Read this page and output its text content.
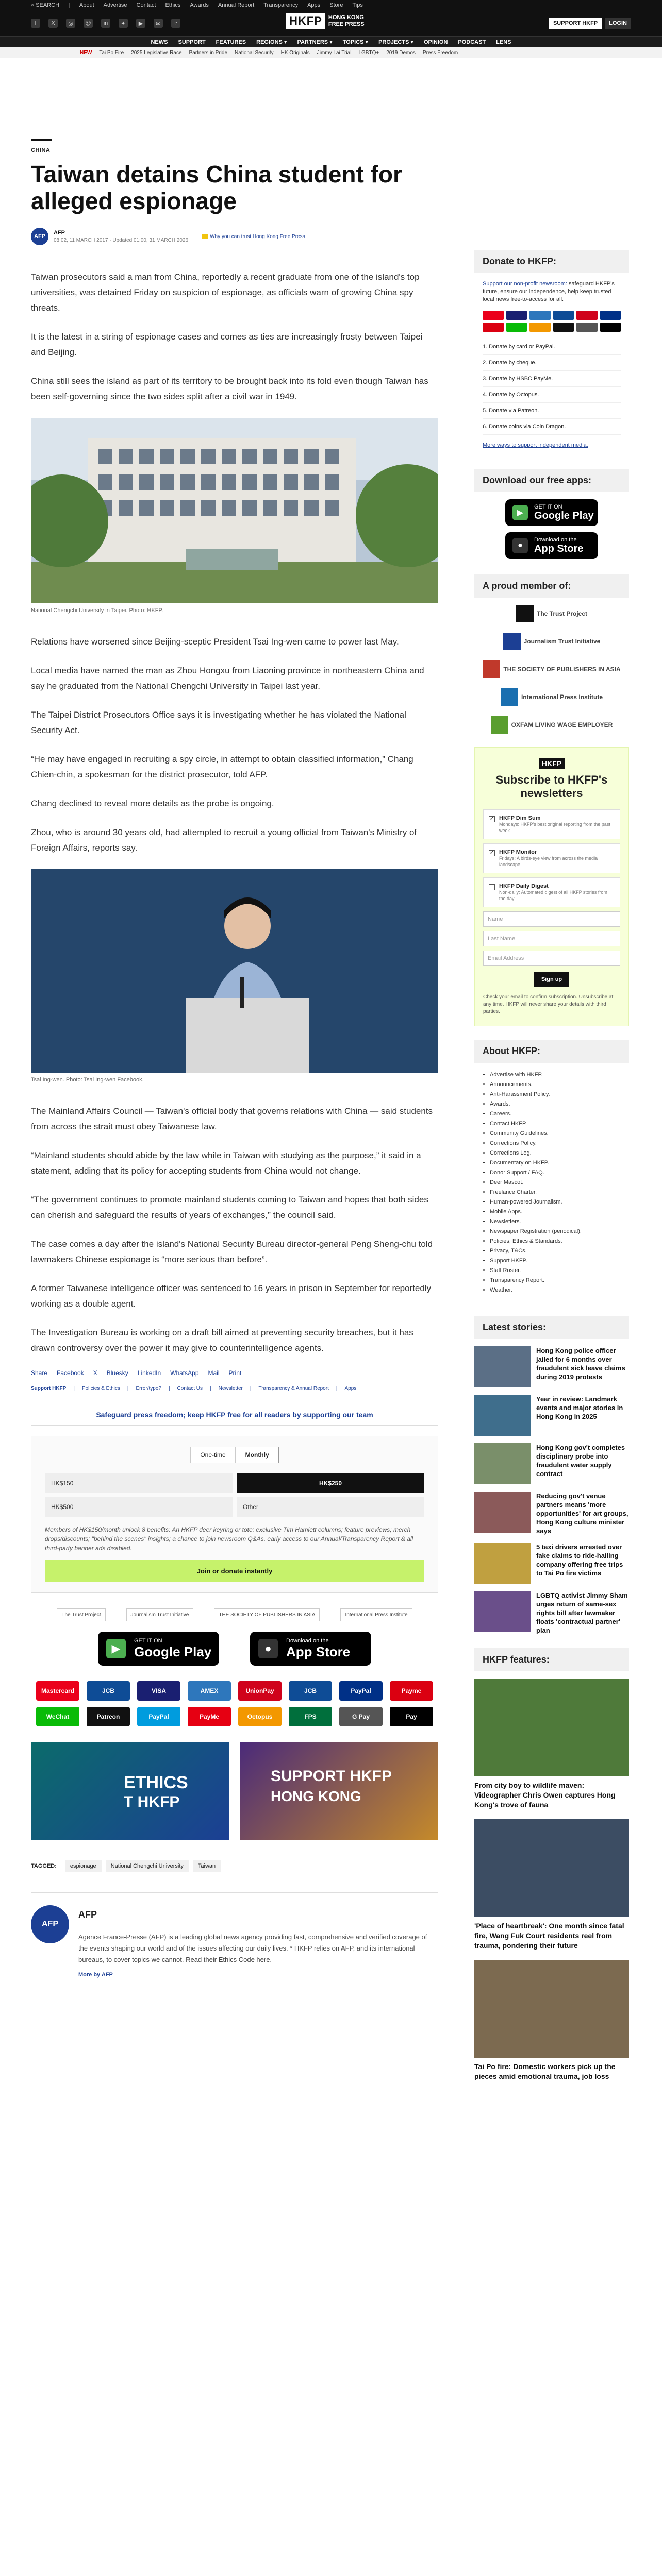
⌕ SEARCH | About Advertise Contact Ethics Awards Annual Report Transparency Apps Store Tips
f	X	◎	@	in	✦	▶	✉	◔	HKFP	HONG KONG FREE PRESS	SUPPORT HKFP	LOGIN
NEWS SUPPORT FEATURES REGIONS ▾ PARTNERS ▾ TOPICS ▾ PROJECTS ▾ OPINION PODCAST LENS
NEW Tai Po Fire 2025 Legislative Race Partners in Pride National Security HK Originals Jimmy Lai Trial LGBTQ+ 2019 Demos Press Freedom
CHINA
Taiwan detains China student for alleged espionage
AFP
AFP
08:02, 11 MARCH 2017 · Updated 01:00, 31 MARCH 2026
Why you can trust Hong Kong Free Press

Taiwan prosecutors said a man from China, reportedly a recent graduate from one of the island's top universities, was detained Friday on suspicion of espionage, as officials warn of growing China spy threats.

It is the latest in a string of espionage cases and comes as ties are increasingly frosty between Taipei and Beijing.

China still sees the island as part of its territory to be brought back into its fold even though Taiwan has been self-governing since the two sides split after a civil war in 1949.

National Chengchi University in Taipei. Photo: HKFP.

Relations have worsened since Beijing-sceptic President Tsai Ing-wen came to power last May.

Local media have named the man as Zhou Hongxu from Liaoning province in northeastern China and say he graduated from the National Chengchi University in Taipei last year.

The Taipei District Prosecutors Office says it is investigating whether he has violated the National Security Act.

“He may have engaged in recruiting a spy circle, in attempt to obtain classified information,” Chang Chien-chin, a spokesman for the district prosecutor, told AFP.

Chang declined to reveal more details as the probe is ongoing.

Zhou, who is around 30 years old, had attempted to recruit a young official from Taiwan's Ministry of Foreign Affairs, reports say.

Tsai Ing-wen. Photo: Tsai Ing-wen Facebook.

The Mainland Affairs Council — Taiwan's official body that governs relations with China — said students from across the strait must obey Taiwanese law.

“Mainland students should abide by the law while in Taiwan with studying as the purpose,” it said in a statement, adding that its policy for accepting students from China would not change.

“The government continues to promote mainland students coming to Taiwan and hopes that both sides can cherish and safeguard the results of years of exchanges,” the council said.

The case comes a day after the island's National Security Bureau director-general Peng Sheng-chu told lawmakers Chinese espionage is “more serious than before”.

A former Taiwanese intelligence officer was sentenced to 16 years in prison in September for reportedly working as a double agent.

The Investigation Bureau is working on a draft bill aimed at preventing security breaches, but it has drawn controversy over the power it may give to counterintelligence agents.

Share Facebook X Bluesky LinkedIn WhatsApp Mail Print
Support HKFP | Policies & Ethics | Error/typo? | Contact Us | Newsletter | Transparency & Annual Report | Apps
Safeguard press freedom; keep HKFP free for all readers by supporting our team
One-time	Monthly
HK$150	HK$250
HK$500	Other
Members of HK$150/month unlock 8 benefits: An HKFP deer keyring or tote; exclusive Tim Hamlett columns; feature previews; merch drops/discounts; "behind the scenes" insights; a chance to join newsroom Q&As, early access to our Annual/Transparency Report & all third-party banner ads disabled.
Join or donate instantly
The Trust Project	Journalism Trust Initiative	THE SOCIETY OF PUBLISHERS IN ASIA	International Press Institute
▶
GET IT ON
Google Play	●
Download on the
App Store
Mastercard	JCB	VISA	AMEX	UnionPay	JCB	PayPal	Payme
WeChat	Patreon	PayPal	PayMe	Octopus	FPS	G Pay	Pay
ETHICS
T HKFP
SUPPORT HKFP
HONG KONG
TAGGED:	espionage	National Chengchi University	Taiwan
AFP
AFP

Agence France-Presse (AFP) is a leading global news agency providing fast, comprehensive and verified coverage of the events shaping our world and of the issues affecting our daily lives. * HKFP relies on AFP, and its international bureaus, to cover topics we cannot. Read their Ethics Code here.

More by AFP
Donate to HKFP:
Support our non-profit newsroom: safeguard HKFP's future, ensure our independence, help keep trusted local news free-to-access for all.
1. Donate by card or PayPal.
2. Donate by cheque.
3. Donate by HSBC PayMe.
4. Donate by Octopus.
5. Donate via Patreon.
6. Donate coins via Coin Dragon.
More ways to support independent media.
Download our free apps:
▶
GET IT ON
Google Play
●
Download on the
App Store
A proud member of:
The Trust Project
Journalism Trust Initiative
THE SOCIETY OF PUBLISHERS IN ASIA
International Press Institute
OXFAM LIVING WAGE EMPLOYER
HKFP
Subscribe to HKFP's newsletters
✓ HKFP Dim Sum
Mondays: HKFP's best original reporting from the past week.
✓ HKFP Monitor
Fridays: A birds-eye view from across the media landscape.
HKFP Daily Digest
Non-daily: Automated digest of all HKFP stories from the day.
Name
Last Name
Email Address
Sign up
Check your email to confirm subscription. Unsubscribe at any time. HKFP will never share your details with third parties.
About HKFP:
• Advertise with HKFP.
• Announcements.
• Anti-Harassment Policy.
• Awards.
• Careers.
• Contact HKFP.
• Community Guidelines.
• Corrections Policy.
• Corrections Log.
• Documentary on HKFP.
• Donor Support / FAQ.
• Deer Mascot.
• Freelance Charter.
• Human-powered Journalism.
• Mobile Apps.
• Newsletters.
• Newspaper Registration (periodical).
• Policies, Ethics & Standards.
• Privacy, T&Cs.
• Support HKFP.
• Staff Roster.
• Transparency Report.
• Weather.
Latest stories:
Hong Kong police officer jailed for 6 months over fraudulent sick leave claims during 2019 protests
Year in review: Landmark events and major stories in Hong Kong in 2025
Hong Kong gov't completes disciplinary probe into fraudulent water supply contract
Reducing gov't venue partners means 'more opportunities' for art groups, Hong Kong culture minister says
5 taxi drivers arrested over fake claims to ride-hailing company offering free trips to Tai Po fire victims
LGBTQ activist Jimmy Sham urges return of same-sex rights bill after lawmaker floats 'contractual partner' plan
HKFP features:
From city boy to wildlife maven: Videographer Chris Owen captures Hong Kong's trove of fauna
'Place of heartbreak': One month since fatal fire, Wang Fuk Court residents reel from trauma, pondering their future
Tai Po fire: Domestic workers pick up the pieces amid emotional trauma, job loss
